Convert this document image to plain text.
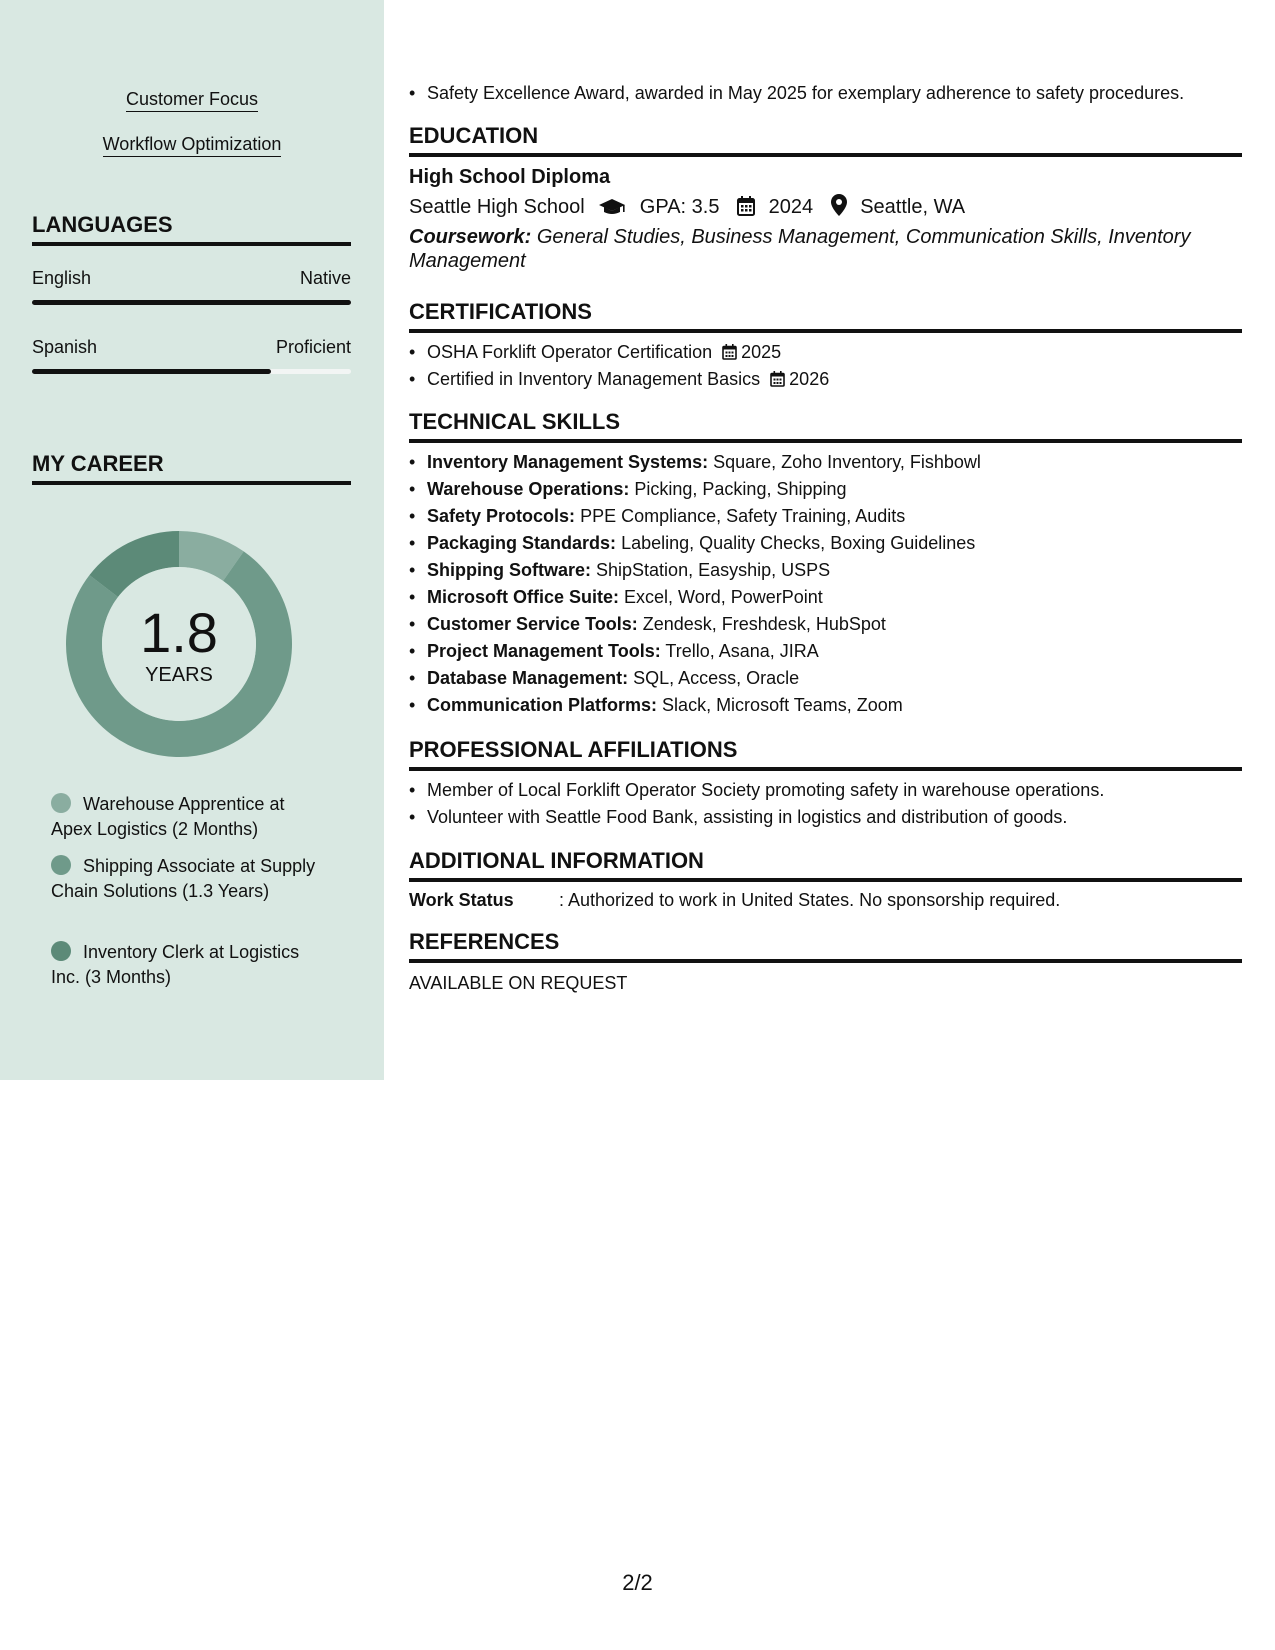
Customer Focus
Workflow Optimization
LANGUAGES
English	Native
Spanish	Proficient
MY CAREER
1.8
YEARS
Warehouse Apprentice at Apex Logistics (2 Months)
Shipping Associate at Supply Chain Solutions (1.3 Years)
Inventory Clerk at Logistics Inc. (3 Months)
• Safety Excellence Award, awarded in May 2025 for exemplary adherence to safety procedures.
EDUCATION
High School Diploma
Seattle High School	GPA: 3.5 2024 Seattle, WA
Coursework: General Studies, Business Management, Communication Skills, Inventory Management
CERTIFICATIONS
• OSHA Forklift Operator Certification 2025
• Certified in Inventory Management Basics 2026
TECHNICAL SKILLS
• Inventory Management Systems: Square, Zoho Inventory, Fishbowl
• Warehouse Operations: Picking, Packing, Shipping
• Safety Protocols: PPE Compliance, Safety Training, Audits
• Packaging Standards: Labeling, Quality Checks, Boxing Guidelines
• Shipping Software: ShipStation, Easyship, USPS
• Microsoft Office Suite: Excel, Word, PowerPoint
• Customer Service Tools: Zendesk, Freshdesk, HubSpot
• Project Management Tools: Trello, Asana, JIRA
• Database Management: SQL, Access, Oracle
• Communication Platforms: Slack, Microsoft Teams, Zoom
PROFESSIONAL AFFILIATIONS
• Member of Local Forklift Operator Society promoting safety in warehouse operations.
• Volunteer with Seattle Food Bank, assisting in logistics and distribution of goods.
ADDITIONAL INFORMATION
Work Status	: Authorized to work in United States. No sponsorship required.
REFERENCES
AVAILABLE ON REQUEST
2/2
